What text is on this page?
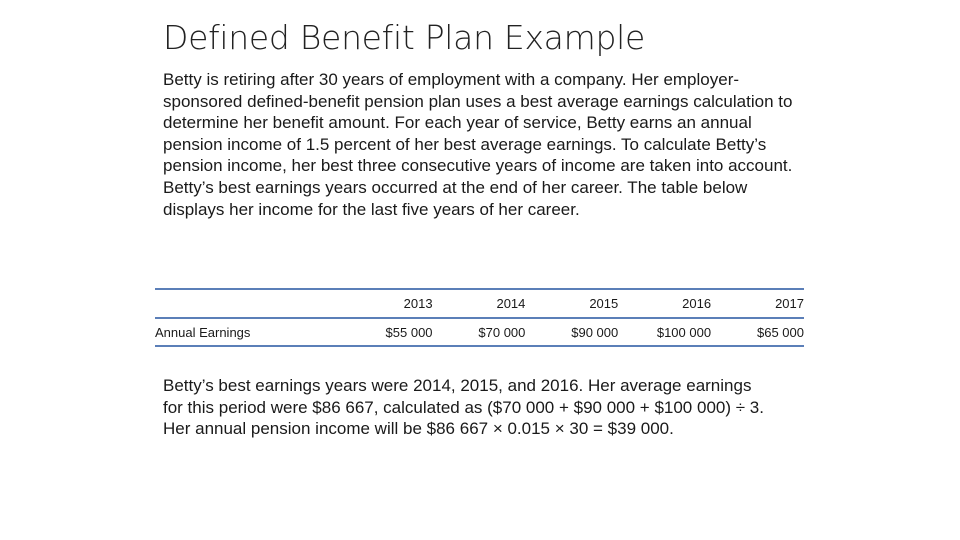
Defined Benefit Plan Example

Betty is retiring after 30 years of employment with a company. Her employer-sponsored defined-benefit pension plan uses a best average earnings calculation to determine her benefit amount. For each year of service, Betty earns an annual pension income of 1.5 percent of her best average earnings. To calculate Betty’s pension income, her best three consecutive years of income are taken into account. Betty’s best earnings years occurred at the end of her career. The table below displays her income for the last five years of her career.

	2013	2014	2015	2016	2017
Annual Earnings	$55 000	$70 000	$90 000	$100 000	$65 000

Betty’s best earnings years were 2014, 2015, and 2016. Her average earnings for this period were $86 667, calculated as ($70 000 + $90 000 + $100 000) ÷ 3. Her annual pension income will be $86 667 × 0.015 × 30 = $39 000.
